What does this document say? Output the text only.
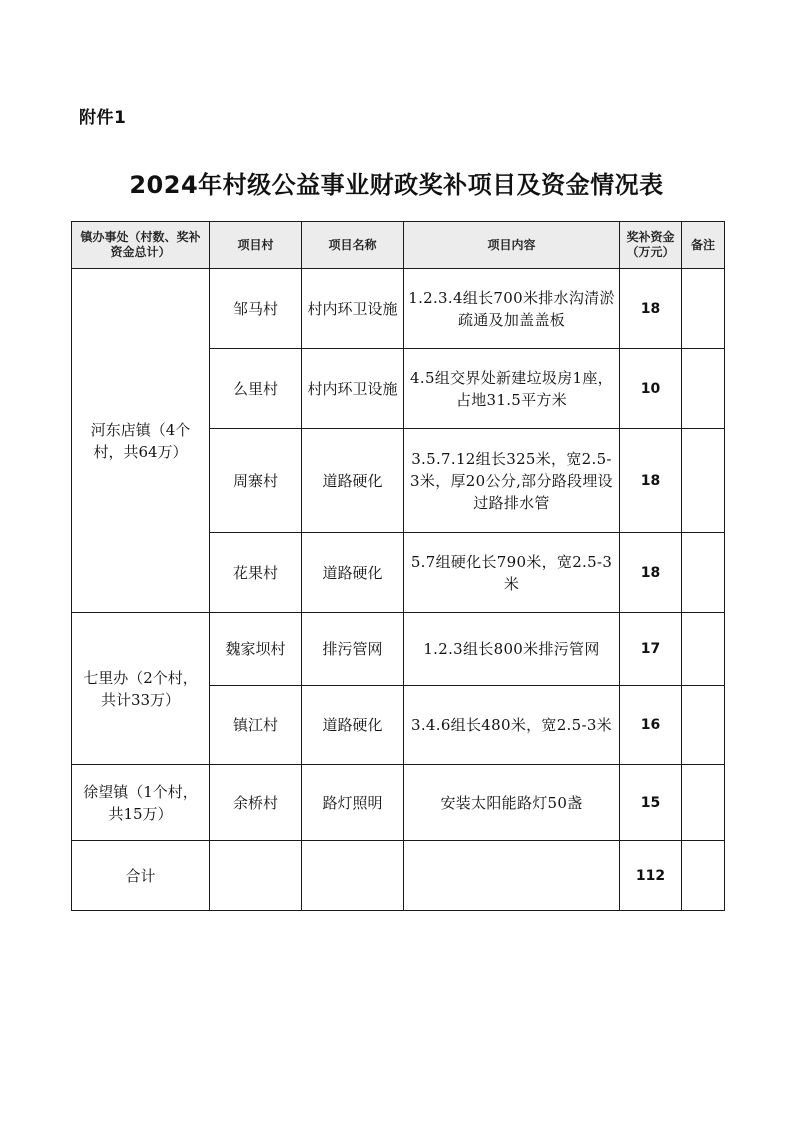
附件1
2024年村级公益事业财政奖补项目及资金情况表
镇办事处（村数、奖补资金总计）	项目村	项目名称	项目内容	奖补资金（万元）	备注
河东店镇（4个村，共64万）	邹马村	村内环卫设施	1.2.3.4组长700米排水沟清淤疏通及加盖盖板	18	
	么里村	村内环卫设施	4.5组交界处新建垃圾房1座，占地31.5平方米	10	
	周寨村	道路硬化	3.5.7.12组长325米，宽2.5-3米，厚20公分,部分路段埋设过路排水管	18	
	花果村	道路硬化	5.7组硬化长790米，宽2.5-3米	18	
七里办（2个村，共计33万）	魏家坝村	排污管网	1.2.3组长800米排污管网	17	
	镇江村	道路硬化	3.4.6组长480米，宽2.5-3米	16	
徐望镇（1个村，共15万）	余桥村	路灯照明	安装太阳能路灯50盏	15	
合计				112	
